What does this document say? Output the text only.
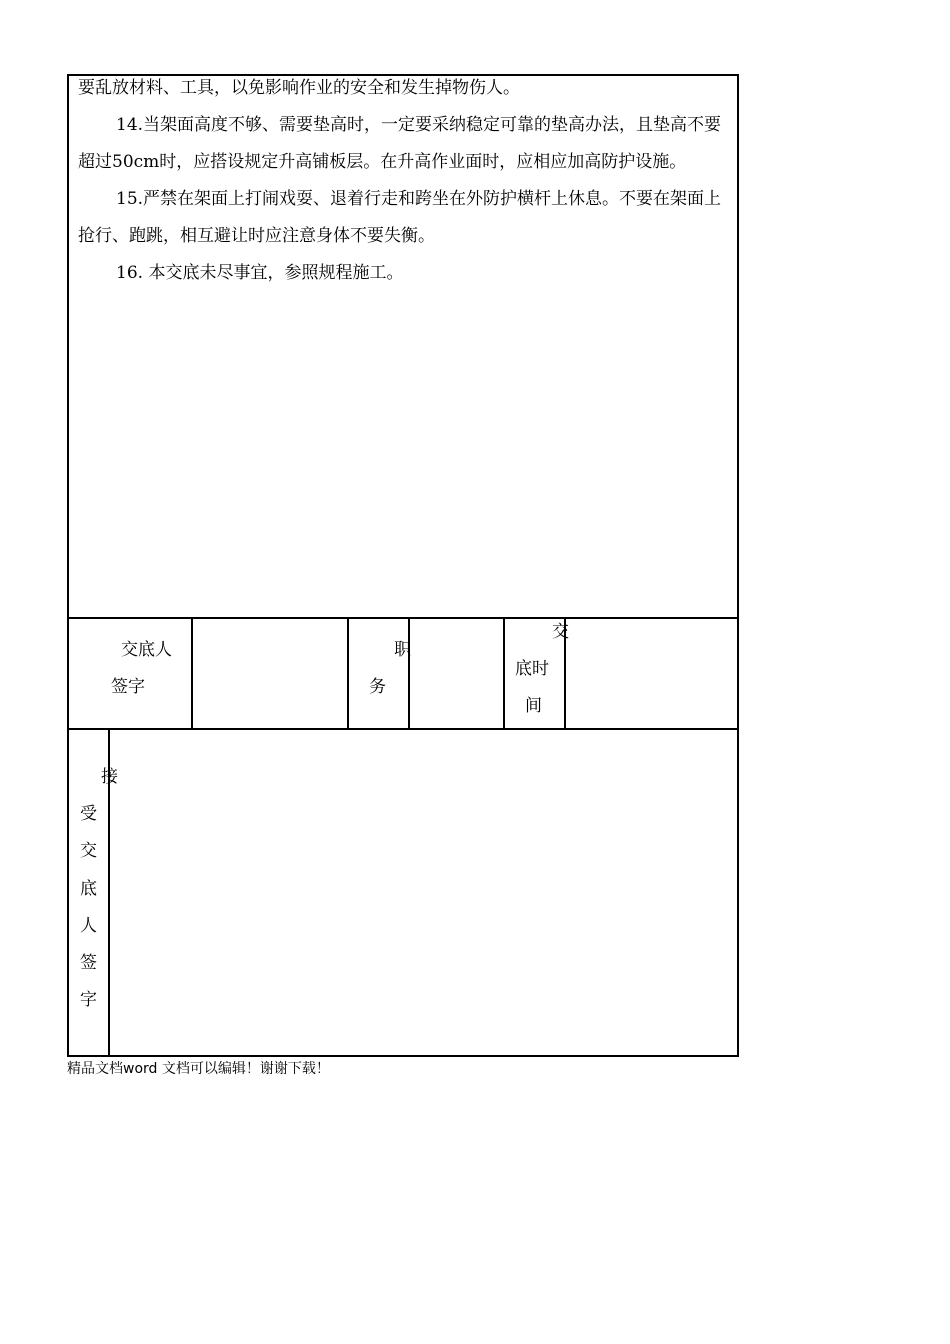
要乱放材料、工具，以免影响作业的安全和发生掉物伤人。

14.当架面高度不够、需要垫高时，一定要采纳稳定可靠的垫高办法，且垫高不要超过50cm时，应搭设规定升高铺板层。在升高作业面时，应相应加高防护设施。

15.严禁在架面上打闹戏耍、退着行走和跨坐在外防护横杆上休息。不要在架面上抢行、跑跳，相互避让时应注意身体不要失衡。

16. 本交底未尽事宜，参照规程施工。

交底人
签字
职
务
交
底时
间
接
受
交
底
人
签
字
精品文档word 文档可以编辑！谢谢下载！
